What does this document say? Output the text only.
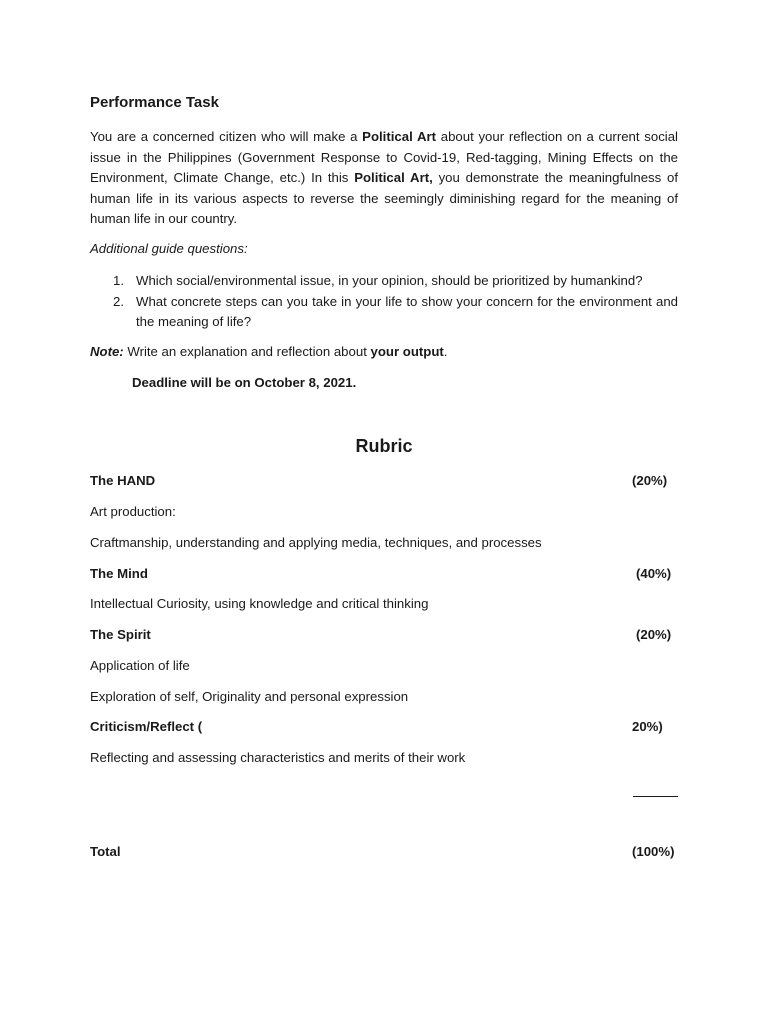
Performance Task
You are a concerned citizen who will make a Political Art about your reflection on a current social issue in the Philippines (Government Response to Covid-19, Red-tagging, Mining Effects on the Environment, Climate Change, etc.) In this Political Art, you demonstrate the meaningfulness of human life in its various aspects to reverse the seemingly diminishing regard for the meaning of human life in our country.
Additional guide questions:
1. Which social/environmental issue, in your opinion, should be prioritized by humankind?
2. What concrete steps can you take in your life to show your concern for the environment and the meaning of life?
Note: Write an explanation and reflection about your output.
Deadline will be on October 8, 2021.
Rubric
The HAND	(20%)
Art production:
Craftmanship, understanding and applying media, techniques, and processes
The Mind	(40%)
Intellectual Curiosity, using knowledge and critical thinking
The Spirit	(20%)
Application of life
Exploration of self, Originality and personal expression
Criticism/Reflect (	20%)
Reflecting and assessing characteristics and merits of their work
Total	(100%)
